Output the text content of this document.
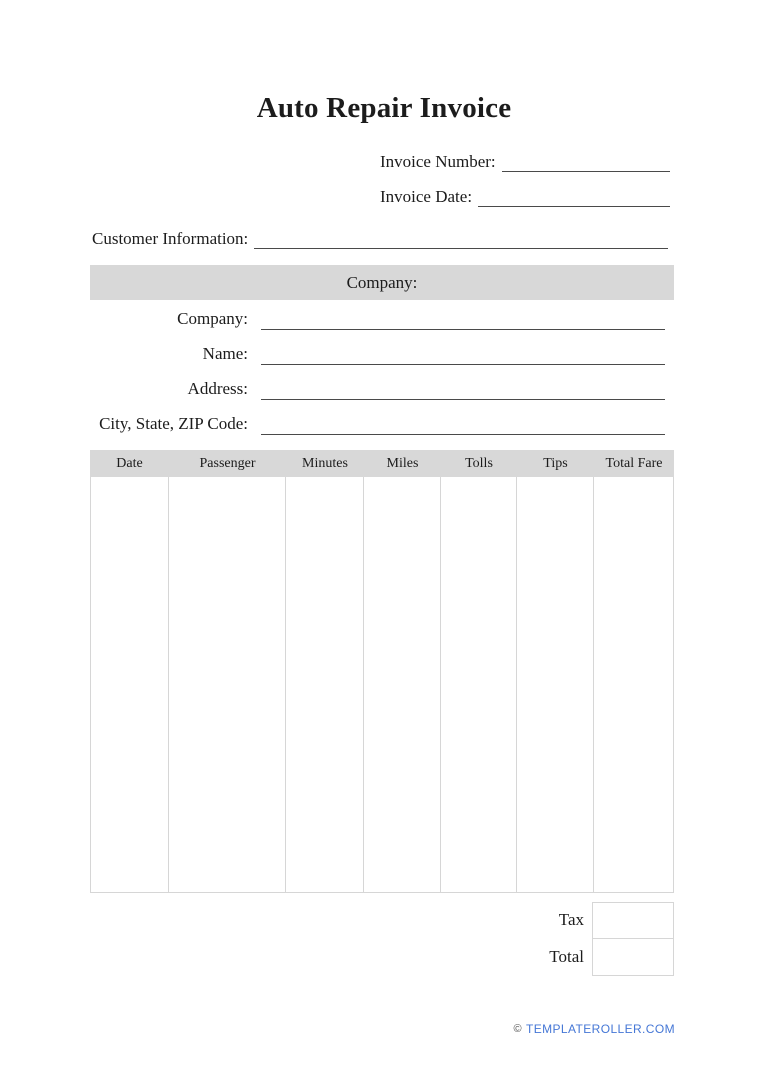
Auto Repair Invoice
Invoice Number:
Invoice Date:
Customer Information:
Company:
Company:
Name:
Address:
City, State, ZIP Code:
Date	Passenger	Minutes	Miles	Tolls	Tips	Total Fare
Tax
Total
© TEMPLATEROLLER.COM
